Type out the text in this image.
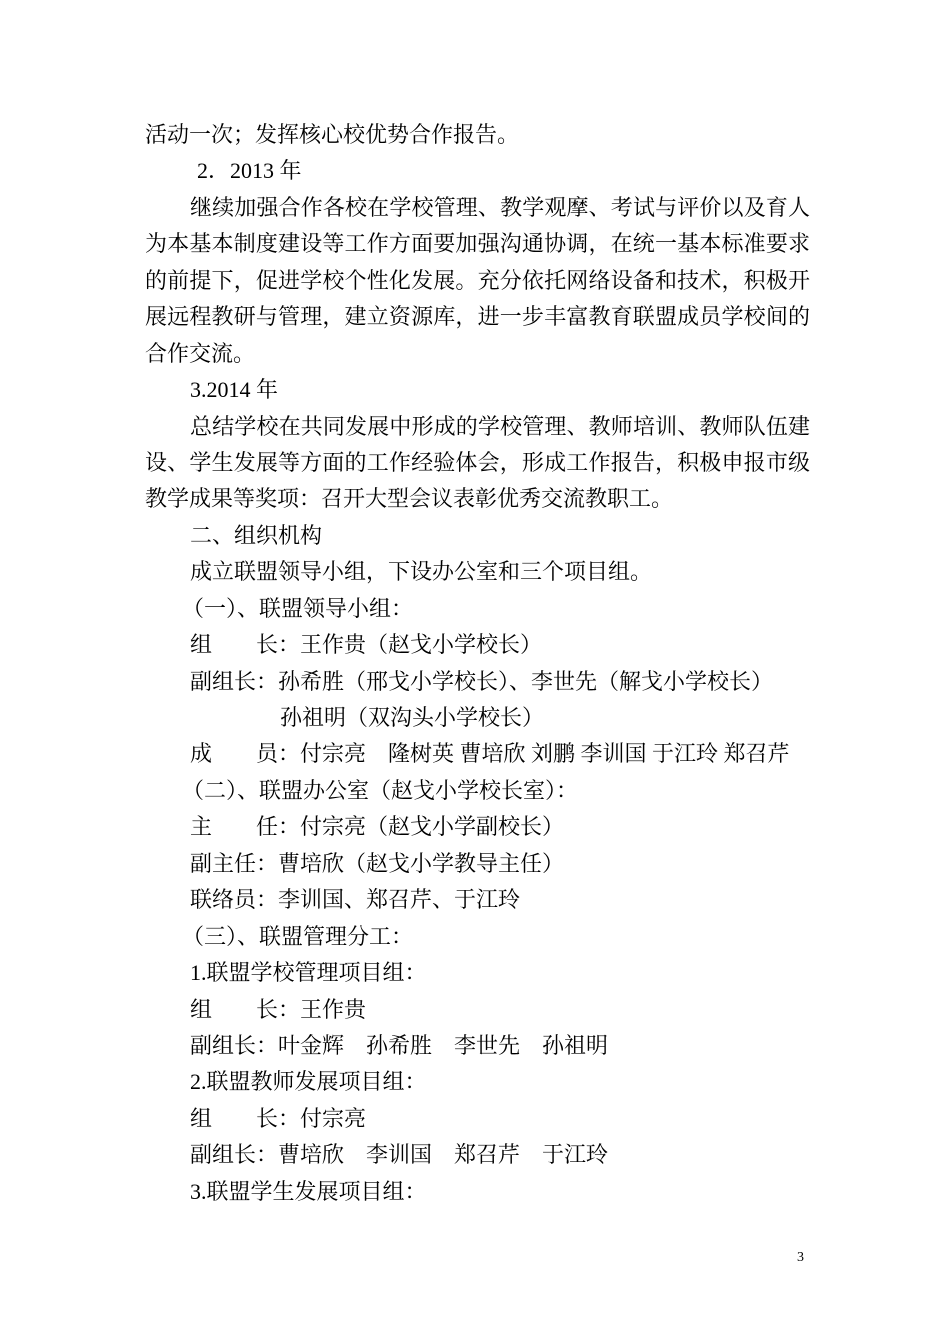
活动一次；发挥核心校优势合作报告。
2．2013 年
继续加强合作各校在学校管理、教学观摩、考试与评价以及育人
为本基本制度建设等工作方面要加强沟通协调，在统一基本标准要求
的前提下，促进学校个性化发展。充分依托网络设备和技术，积极开
展远程教研与管理，建立资源库，进一步丰富教育联盟成员学校间的
合作交流。
3.2014 年
总结学校在共同发展中形成的学校管理、教师培训、教师队伍建
设、学生发展等方面的工作经验体会，形成工作报告，积极申报市级
教学成果等奖项：召开大型会议表彰优秀交流教职工。
二、组织机构
成立联盟领导小组，下设办公室和三个项目组。
（一）、联盟领导小组：
组　　长：王作贵（赵戈小学校长）
副组长：孙希胜（邢戈小学校长）、李世先（解戈小学校长）
孙祖明（双沟头小学校长）
成　　员：付宗亮　隆树英 曹培欣 刘鹏 李训国 于江玲 郑召芹
（二）、联盟办公室（赵戈小学校长室）：
主　　任：付宗亮（赵戈小学副校长）
副主任：曹培欣（赵戈小学教导主任）
联络员：李训国、郑召芹、于江玲
（三）、联盟管理分工：
1.联盟学校管理项目组：
组　　长：王作贵
副组长：叶金辉　孙希胜　李世先　孙祖明
2.联盟教师发展项目组：
组　　长：付宗亮
副组长：曹培欣　李训国　郑召芹　于江玲
3.联盟学生发展项目组：
3
